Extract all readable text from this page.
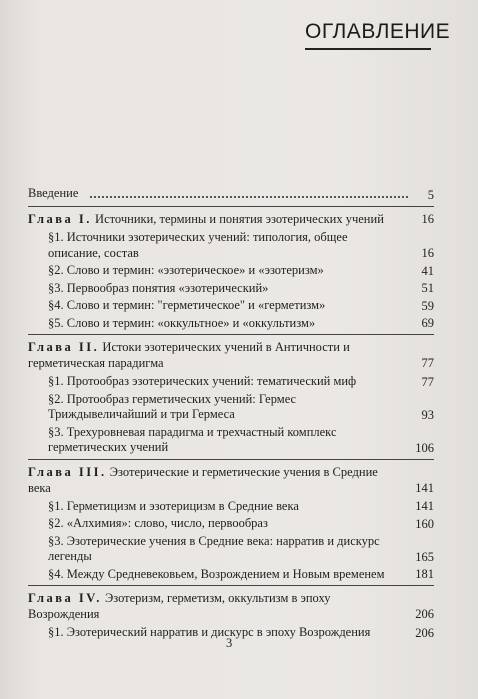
ОГЛАВЛЕНИЕ
Введение	5
Глава I. Источники, термины и понятия эзотерических учений	16
§1. Источники эзотерических учений: типология, общее описание, состав	16
§2. Слово и термин: «эзотерическое» и «эзотеризм»	41
§3. Первообраз понятия «эзотерический»	51
§4. Слово и термин: "герметическое" и «герметизм»	59
§5. Слово и термин: «оккультное» и «оккультизм»	69
Глава II. Истоки эзотерических учений в Античности и герметическая парадигма	77
§1. Протообраз эзотерических учений: тематический миф	77
§2. Протообраз герметических учений: Гермес Триждывеличайший и три Гермеса	93
§3. Трехуровневая парадигма и трехчастный комплекс герметических учений	106
Глава III. Эзотерические и герметические учения в Средние века	141
§1. Герметицизм и эзотерицизм в Средние века	141
§2. «Алхимия»: слово, число, первообраз	160
§3. Эзотерические учения в Средние века: нарратив и дискурс легенды	165
§4. Между Средневековьем, Возрождением и Новым временем	181
Глава IV. Эзотеризм, герметизм, оккультизм в эпоху Возрождения	206
§1. Эзотерический нарратив и дискурс в эпоху Возрождения	206
3
